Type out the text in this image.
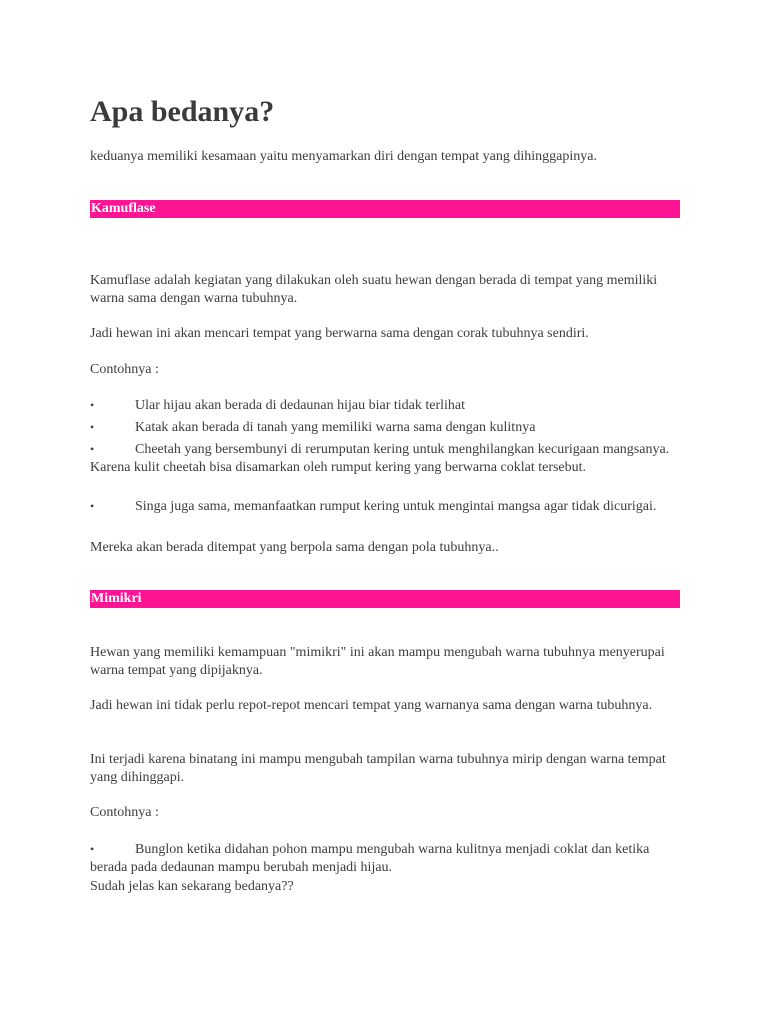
Apa bedanya?

keduanya memiliki kesamaan yaitu menyamarkan diri dengan tempat yang dihinggapinya.

Kamuflase

Kamuflase adalah kegiatan yang dilakukan oleh suatu hewan dengan berada di tempat yang memiliki warna sama dengan warna tubuhnya.

Jadi hewan ini akan mencari tempat yang berwarna sama dengan corak tubuhnya sendiri.

Contohnya :

•	Ular hijau akan berada di dedaunan hijau biar tidak terlihat
•	Katak akan berada di tanah yang memiliki warna sama dengan kulitnya
•	Cheetah yang bersembunyi di rerumputan kering untuk menghilangkan kecurigaan mangsanya. Karena kulit cheetah bisa disamarkan oleh rumput kering yang berwarna coklat tersebut.
•	Singa juga sama, memanfaatkan rumput kering untuk mengintai mangsa agar tidak dicurigai.

Mereka akan berada ditempat yang berpola sama dengan pola tubuhnya..

Mimikri

Hewan yang memiliki kemampuan "mimikri" ini akan mampu mengubah warna tubuhnya menyerupai warna tempat yang dipijaknya.

Jadi hewan ini tidak perlu repot-repot mencari tempat yang warnanya sama dengan warna tubuhnya.

Ini terjadi karena binatang ini mampu mengubah tampilan warna tubuhnya mirip dengan warna tempat yang dihinggapi.

Contohnya :

•	Bunglon ketika didahan pohon mampu mengubah warna kulitnya menjadi coklat dan ketika berada pada dedaunan mampu berubah menjadi hijau.

Sudah jelas kan sekarang bedanya??
